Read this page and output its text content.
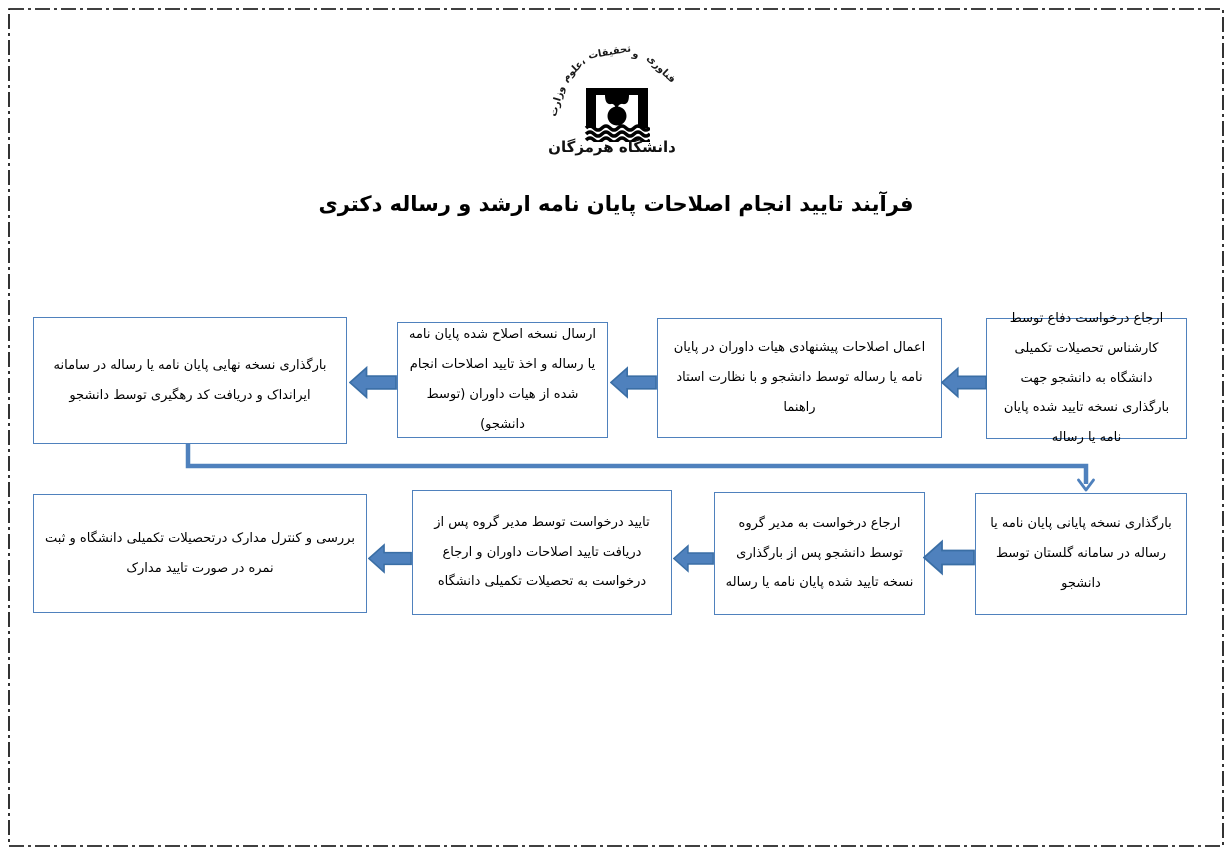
وزارت
علوم، تحقیقات و فناوری
دانشگاه هرمزگان
فرآیند تایید انجام اصلاحات پایان نامه ارشد و رساله دکتری
ارجاع درخواست دفاع توسط کارشناس تحصیلات تکمیلی دانشگاه به دانشجو جهت بارگذاری نسخه تایید شده پایان نامه یا رساله
اعمال اصلاحات پیشنهادی هیات داوران در پایان نامه یا رساله توسط دانشجو و با نظارت استاد راهنما
ارسال نسخه اصلاح شده پایان نامه یا رساله و اخذ تایید اصلاحات انجام شده از هیات داوران (توسط دانشجو)
بارگذاری نسخه نهایی پایان نامه یا رساله در سامانه ایرانداک و دریافت کد رهگیری توسط دانشجو
بارگذاری نسخه پایانی پایان نامه یا رساله در سامانه گلستان توسط دانشجو
ارجاع درخواست به مدیر گروه توسط دانشجو پس از بارگذاری نسخه تایید شده پایان نامه یا رساله
تایید درخواست توسط مدیر گروه پس از دریافت تایید اصلاحات داوران و ارجاع درخواست به تحصیلات تکمیلی دانشگاه
بررسی و کنترل مدارک درتحصیلات تکمیلی دانشگاه و ثبت نمره در صورت تایید مدارک
